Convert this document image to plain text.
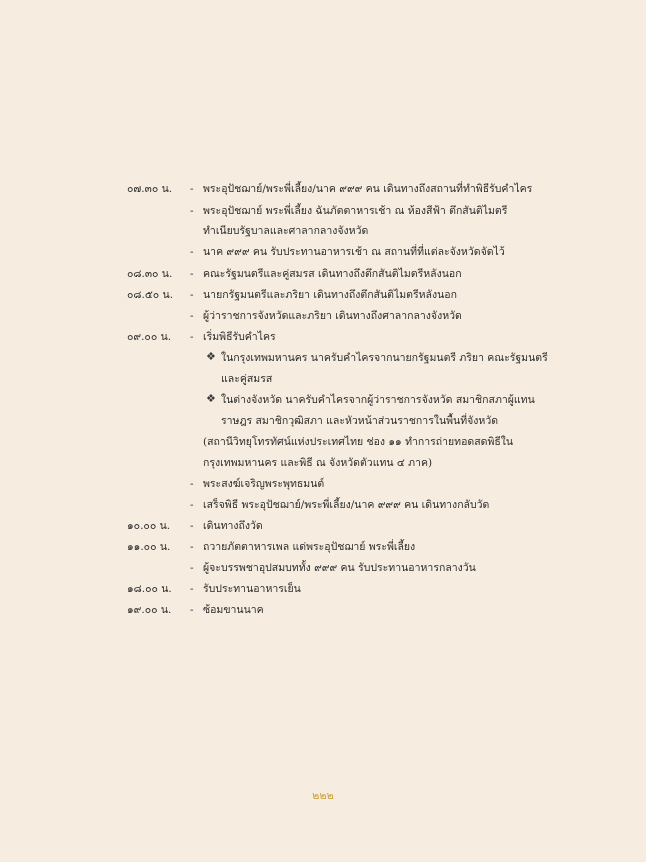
๐๗.๓๐ น. - พระอุปัชฌาย์/พระพี่เลี้ยง/นาค ๙๙๙ คน เดินทางถึงสถานที่ทำพิธีรับคำไคร
- พระอุปัชฌาย์ พระพี่เลี้ยง ฉันภัตตาหารเช้า ณ ห้องสีฟ้า ตึกสันติไมตรี
ทำเนียบรัฐบาลและศาลากลางจังหวัด
- นาค ๙๙๙ คน รับประทานอาหารเช้า ณ สถานที่ที่แต่ละจังหวัดจัดไว้
๐๘.๓๐ น. - คณะรัฐมนตรีและคู่สมรส เดินทางถึงตึกสันติไมตรีหลังนอก
๐๘.๕๐ น. - นายกรัฐมนตรีและภริยา เดินทางถึงตึกสันติไมตรีหลังนอก
- ผู้ว่าราชการจังหวัดและภริยา เดินทางถึงศาลากลางจังหวัด
๐๙.๐๐ น. - เริ่มพิธีรับคำไคร
❖ ในกรุงเทพมหานคร นาครับคำไครจากนายกรัฐมนตรี ภริยา คณะรัฐมนตรี
และคู่สมรส
❖ ในต่างจังหวัด นาครับคำไครจากผู้ว่าราชการจังหวัด สมาชิกสภาผู้แทน
ราษฎร สมาชิกวุฒิสภา และหัวหน้าส่วนราชการในพื้นที่จังหวัด
(สถานีวิทยุโทรทัศน์แห่งประเทศไทย ช่อง ๑๑ ทำการถ่ายทอดสดพิธีใน
กรุงเทพมหานคร และพิธี ณ จังหวัดตัวแทน ๔ ภาค)
- พระสงฆ์เจริญพระพุทธมนต์
- เสร็จพิธี พระอุปัชฌาย์/พระพี่เลี้ยง/นาค ๙๙๙ คน เดินทางกลับวัด
๑๐.๐๐ น. - เดินทางถึงวัด
๑๑.๐๐ น. - ถวายภัตตาหารเพล แด่พระอุปัชฌาย์ พระพี่เลี้ยง
- ผู้จะบรรพชาอุปสมบททั้ง ๙๙๙ คน รับประทานอาหารกลางวัน
๑๘.๐๐ น. - รับประทานอาหารเย็น
๑๙.๐๐ น. - ซ้อมขานนาค
๒๒๒
